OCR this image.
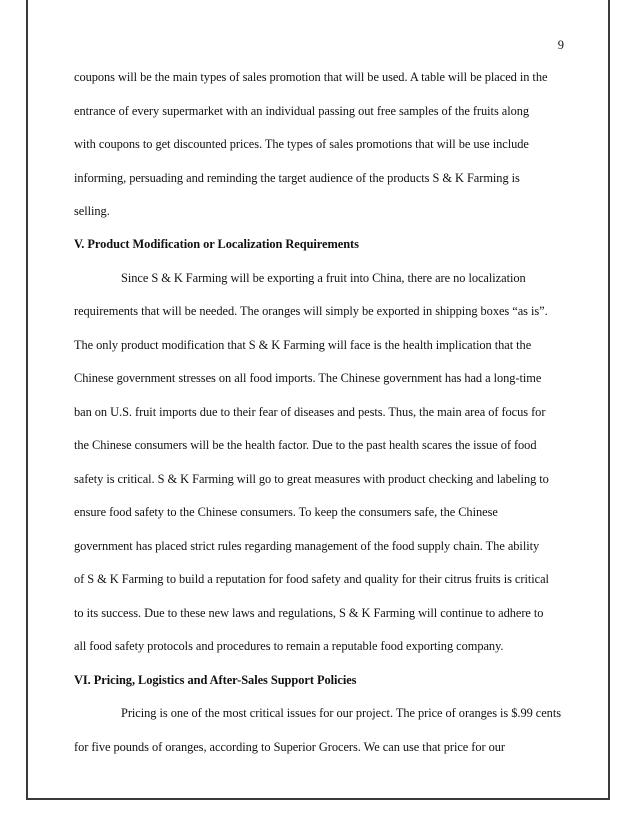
9
coupons will be the main types of sales promotion that will be used. A table will be placed in the
entrance of every supermarket with an individual passing out free samples of the fruits along
with coupons to get discounted prices. The types of sales promotions that will be use include
informing, persuading and reminding the target audience of the products S & K Farming is
selling.
V. Product Modification or Localization Requirements
Since S & K Farming will be exporting a fruit into China, there are no localization
requirements that will be needed. The oranges will simply be exported in shipping boxes “as is”.
The only product modification that S & K Farming will face is the health implication that the
Chinese government stresses on all food imports. The Chinese government has had a long-time
ban on U.S. fruit imports due to their fear of diseases and pests. Thus, the main area of focus for
the Chinese consumers will be the health factor. Due to the past health scares the issue of food
safety is critical. S & K Farming will go to great measures with product checking and labeling to
ensure food safety to the Chinese consumers. To keep the consumers safe, the Chinese
government has placed strict rules regarding management of the food supply chain. The ability
of S & K Farming to build a reputation for food safety and quality for their citrus fruits is critical
to its success. Due to these new laws and regulations, S & K Farming will continue to adhere to
all food safety protocols and procedures to remain a reputable food exporting company.
VI. Pricing, Logistics and After-Sales Support Policies
Pricing is one of the most critical issues for our project. The price of oranges is $.99 cents
for five pounds of oranges, according to Superior Grocers. We can use that price for our
